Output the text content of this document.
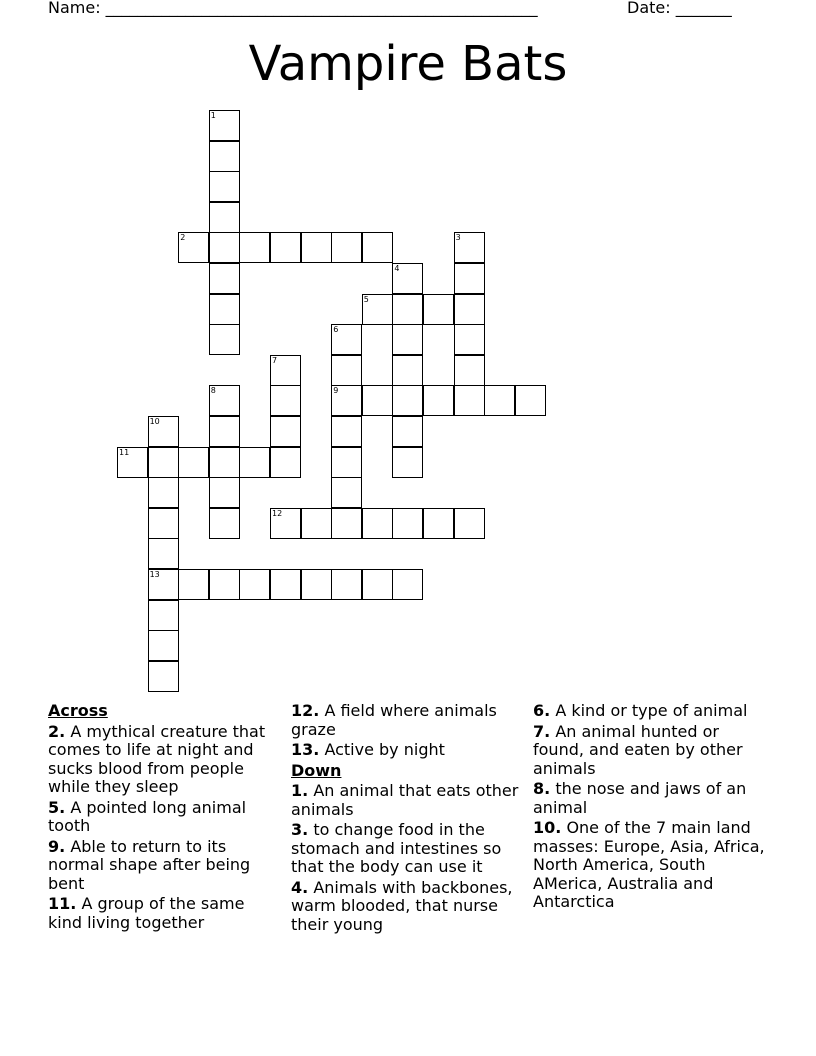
Name: ______________________________________________________	Date: _______
Vampire Bats
1
2	3
4
5
6
9
7
8
10
13
11
12
Across
2. A mythical creature that comes to life at night and sucks blood from people while they sleep
5. A pointed long animal tooth
9. Able to return to its normal shape after being bent
11. A group of the same kind living together
12. A field where animals graze
13. Active by night
Down
1. An animal that eats other animals
3. to change food in the stomach and intestines so that the body can use it
4. Animals with backbones, warm blooded, that nurse their young
6. A kind or type of animal
7. An animal hunted or found, and eaten by other animals
8. the nose and jaws of an animal
10. One of the 7 main land masses: Europe, Asia, Africa, North America, South AMerica, Australia and Antarctica
